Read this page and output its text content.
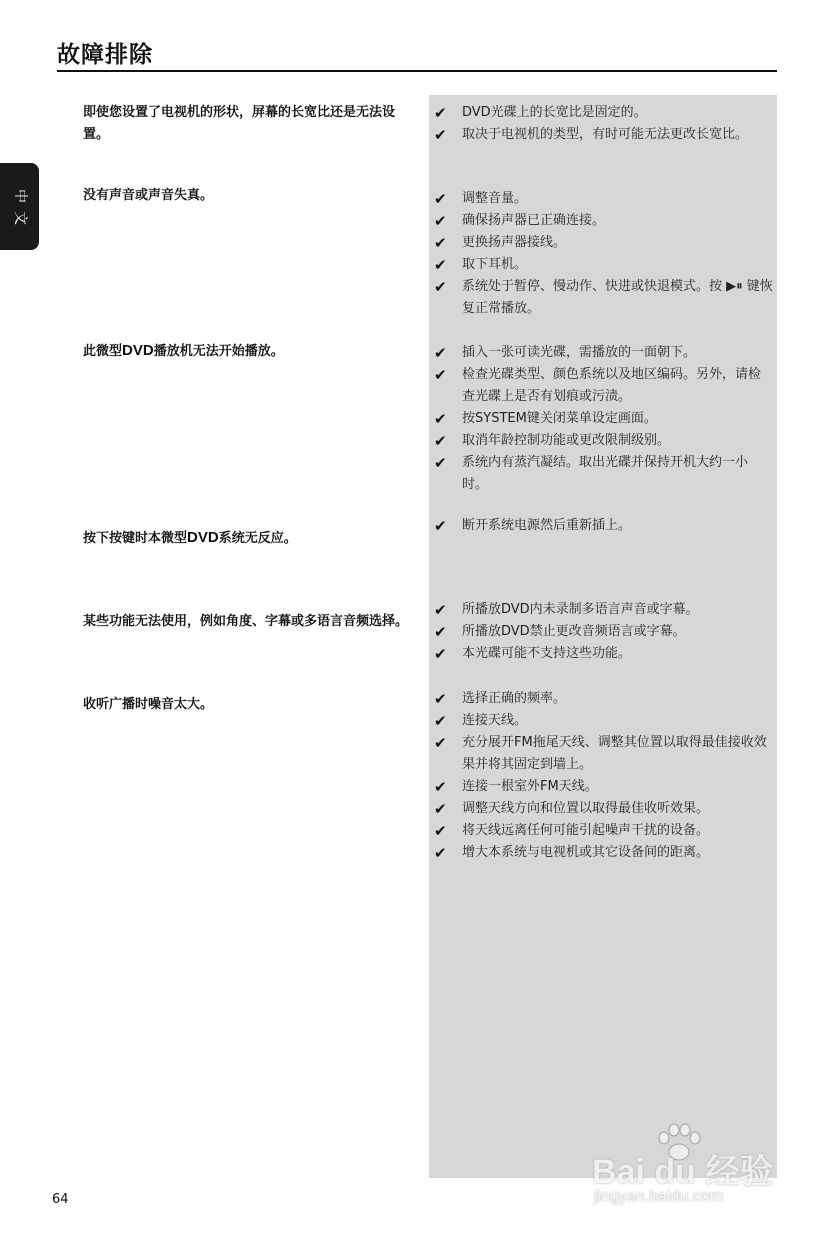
故障排除
中
文
即使您设置了电视机的形状，屏幕的长宽比还是无法设置。
✔ DVD光碟上的长宽比是固定的。
✔ 取决于电视机的类型，有时可能无法更改长宽比。
没有声音或声音失真。	✔ 调整音量。
✔ 确保扬声器已正确连接。
✔ 更换扬声器接线。
✔ 取下耳机。
✔ 系统处于暂停、慢动作、快进或快退模式。按 ▶⏸ 键恢复正常播放。
此微型DVD播放机无法开始播放。	✔ 插入一张可读光碟，需播放的一面朝下。
✔ 检查光碟类型、颜色系统以及地区编码。另外，请检查光碟上是否有划痕或污渍。
✔ 按SYSTEM键关闭菜单设定画面。
✔ 取消年龄控制功能或更改限制级别。
✔ 系统内有蒸汽凝结。取出光碟并保持开机大约一小时。
按下按键时本微型DVD系统无反应。
✔ 断开系统电源然后重新插上。
某些功能无法使用，例如角度、字幕或多语言音频选择。
✔ 所播放DVD内未录制多语言声音或字幕。
✔ 所播放DVD禁止更改音频语言或字幕。
✔ 本光碟可能不支持这些功能。
收听广播时噪音太大。	✔ 选择正确的频率。
✔ 连接天线。
✔ 充分展开FM拖尾天线、调整其位置以取得最佳接收效果并将其固定到墙上。
✔ 连接一根室外FM天线。
✔ 调整天线方向和位置以取得最佳收听效果。
✔ 将天线远离任何可能引起噪声干扰的设备。
✔ 增大本系统与电视机或其它设备间的距离。
64
Bai du 经验
jingyan.baidu.com
